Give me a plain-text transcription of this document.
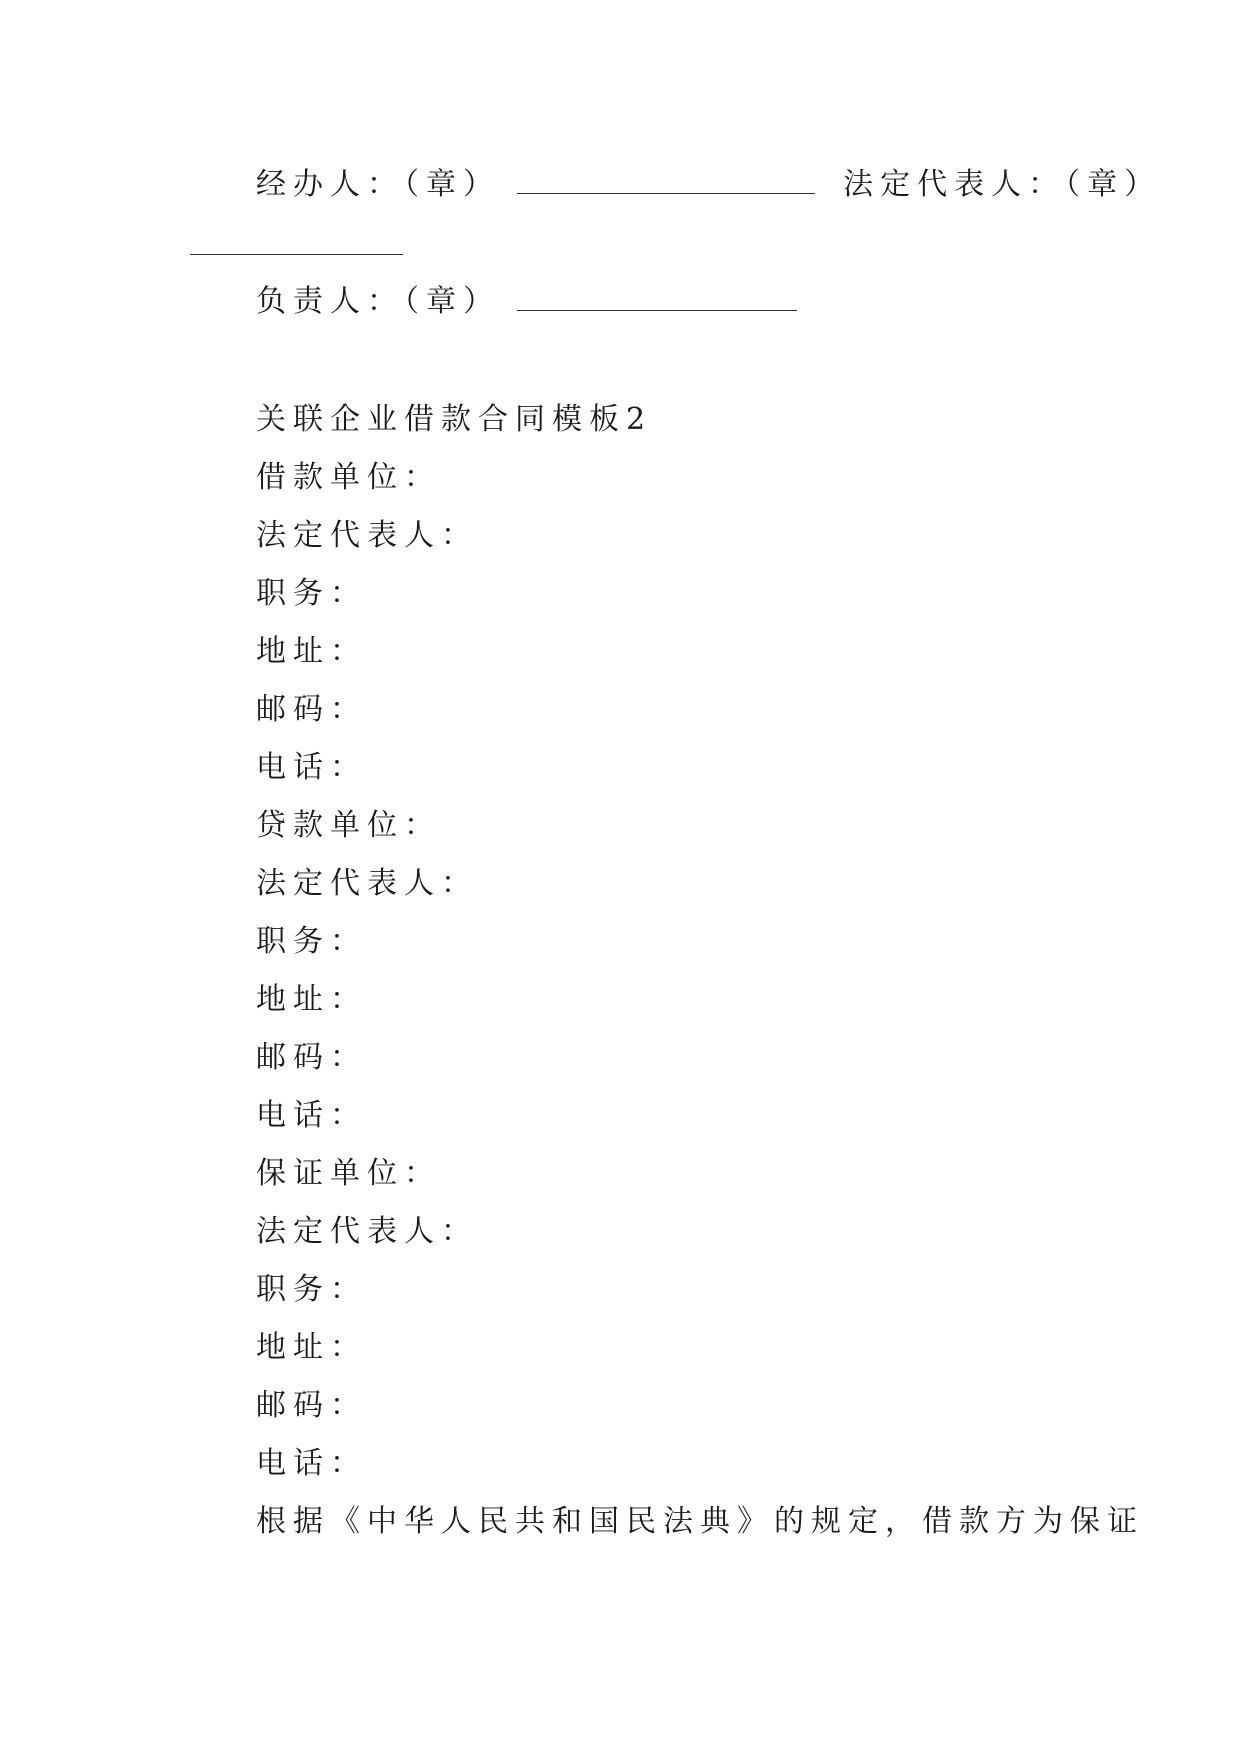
经办人：（章）	法定代表人：（章）
负责人：（章）
关联企业借款合同模板2
借款单位：
法定代表人：
职务：
地址：
邮码：
电话：
贷款单位：
法定代表人：
职务：
地址：
邮码：
电话：
保证单位：
法定代表人：
职务：
地址：
邮码：
电话：
根据《中华人民共和国民法典》的规定，借款方为保证
